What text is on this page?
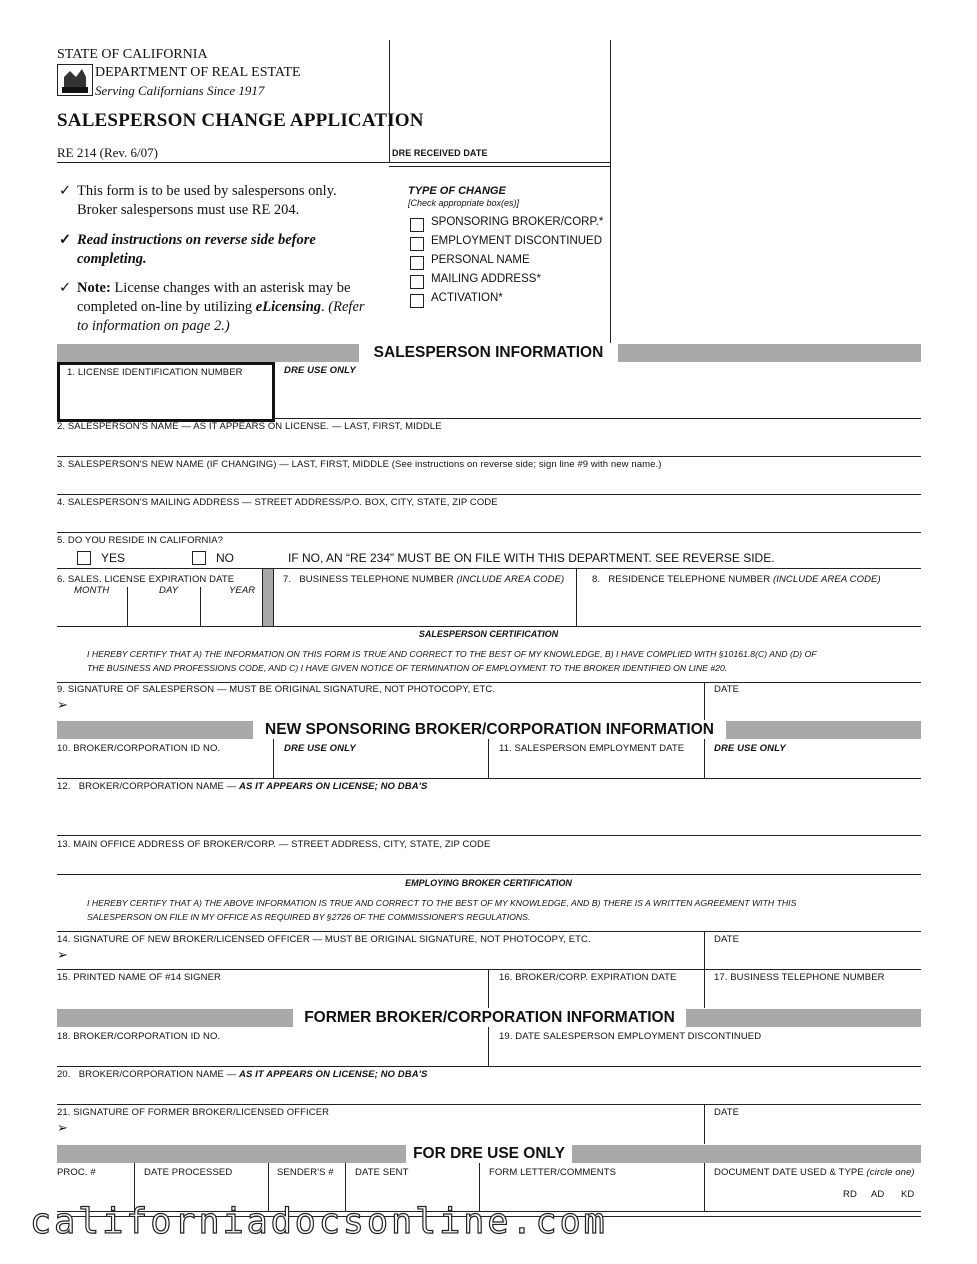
STATE OF CALIFORNIA
DEPARTMENT OF REAL ESTATE
Serving Californians Since 1917
SALESPERSON CHANGE APPLICATION
RE 214 (Rev. 6/07)	DRE RECEIVED DATE
✓ This form is to be used by salespersons only. Broker salespersons must use RE 204.
✓ Read instructions on reverse side before completing.
✓ Note: License changes with an asterisk may be completed on-line by utilizing eLicensing. (Refer to information on page 2.)
TYPE OF CHANGE
[Check appropriate box(es)]
SPONSORING BROKER/CORP.*
EMPLOYMENT DISCONTINUED
PERSONAL NAME
MAILING ADDRESS*
ACTIVATION*
SALESPERSON INFORMATION
1. LICENSE IDENTIFICATION NUMBER	DRE USE ONLY
2. SALESPERSON'S NAME — AS IT APPEARS ON LICENSE. — LAST, FIRST, MIDDLE
3. SALESPERSON'S NEW NAME (IF CHANGING) — LAST, FIRST, MIDDLE (See instructions on reverse side; sign line #9 with new name.)
4. SALESPERSON'S MAILING ADDRESS — STREET ADDRESS/P.O. BOX, CITY, STATE, ZIP CODE
5. DO YOU RESIDE IN CALIFORNIA?
YES	NO	IF NO, AN “RE 234” MUST BE ON FILE WITH THIS DEPARTMENT. SEE REVERSE SIDE.
6. SALES. LICENSE EXPIRATION DATE
MONTH	DAY	YEAR
7.   BUSINESS TELEPHONE NUMBER (INCLUDE AREA CODE)	8.   RESIDENCE TELEPHONE NUMBER (INCLUDE AREA CODE)
SALESPERSON CERTIFICATION
I HEREBY CERTIFY THAT A) THE INFORMATION ON THIS FORM IS TRUE AND CORRECT TO THE BEST OF MY KNOWLEDGE, B) I HAVE COMPLIED WITH §10161.8(C) AND (D) OF
THE BUSINESS AND PROFESSIONS CODE, AND C) I HAVE GIVEN NOTICE OF TERMINATION OF EMPLOYMENT TO THE BROKER IDENTIFIED ON LINE #20.
9. SIGNATURE OF SALESPERSON — MUST BE ORIGINAL SIGNATURE, NOT PHOTOCOPY, ETC.
➢
DATE
NEW SPONSORING BROKER/CORPORATION INFORMATION
10. BROKER/CORPORATION ID NO.	DRE USE ONLY	11. SALESPERSON EMPLOYMENT DATE	DRE USE ONLY
12.   BROKER/CORPORATION NAME — AS IT APPEARS ON LICENSE; NO DBA'S
13. MAIN OFFICE ADDRESS OF BROKER/CORP. — STREET ADDRESS, CITY, STATE, ZIP CODE
EMPLOYING BROKER CERTIFICATION
I HEREBY CERTIFY THAT A) THE ABOVE INFORMATION IS TRUE AND CORRECT TO THE BEST OF MY KNOWLEDGE, AND B) THERE IS A WRITTEN AGREEMENT WITH THIS
SALESPERSON ON FILE IN MY OFFICE AS REQUIRED BY §2726 OF THE COMMISSIONER'S REGULATIONS.
14. SIGNATURE OF NEW BROKER/LICENSED OFFICER — MUST BE ORIGINAL SIGNATURE, NOT PHOTOCOPY, ETC.
➢
DATE
15. PRINTED NAME OF #14 SIGNER	16. BROKER/CORP. EXPIRATION DATE	17. BUSINESS TELEPHONE NUMBER
FORMER BROKER/CORPORATION INFORMATION
18. BROKER/CORPORATION ID NO.	19. DATE SALESPERSON EMPLOYMENT DISCONTINUED
20.   BROKER/CORPORATION NAME — AS IT APPEARS ON LICENSE; NO DBA'S
21. SIGNATURE OF FORMER BROKER/LICENSED OFFICER
➢
DATE
FOR DRE USE ONLY
PROC. #	DATE PROCESSED	SENDER'S # DATE SENT	FORM LETTER/COMMENTS	DOCUMENT DATE USED & TYPE (circle one)
RD AD KD
californiadocsonline.com
